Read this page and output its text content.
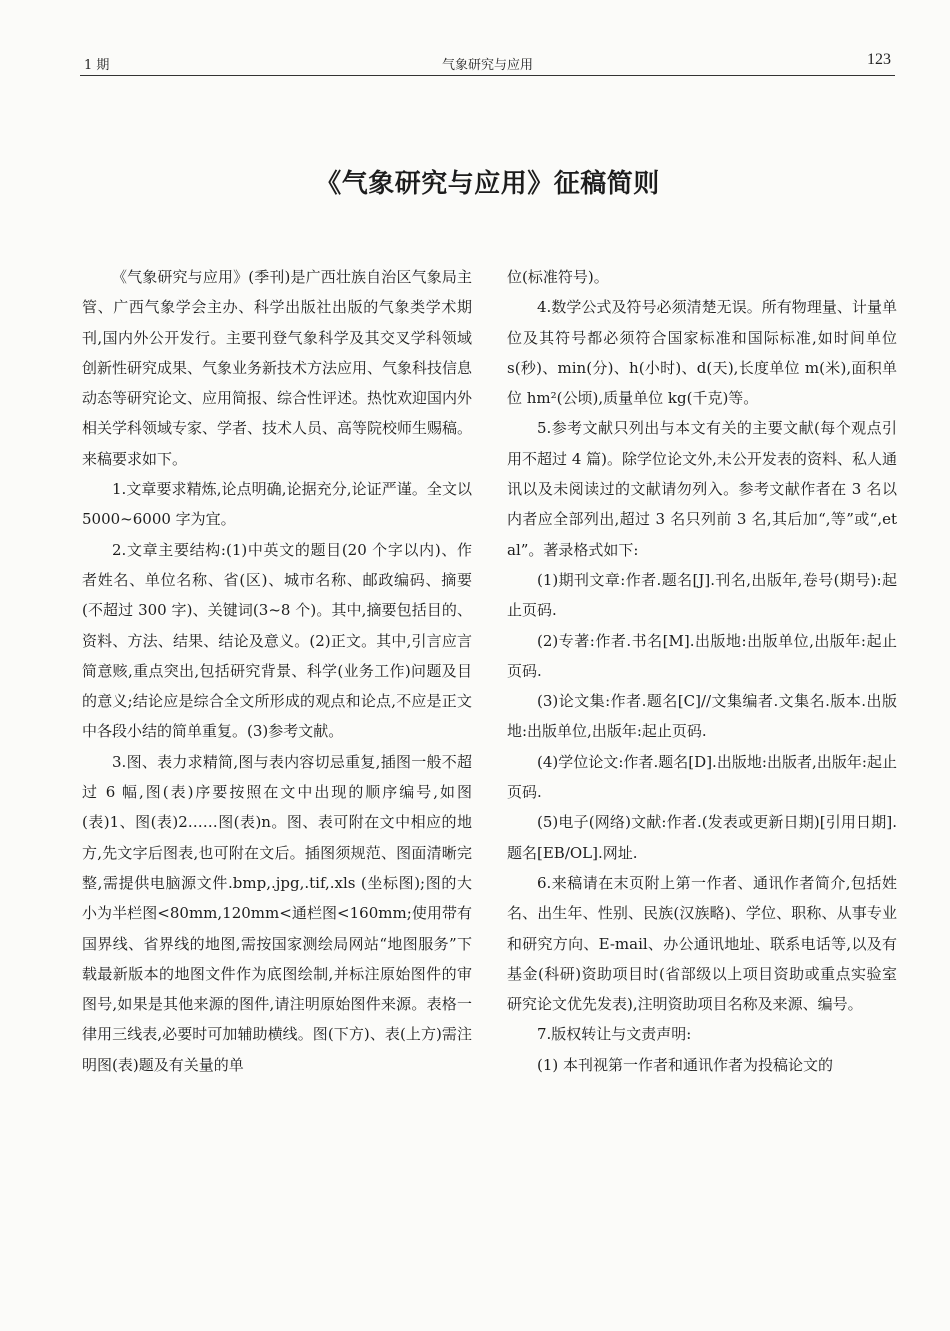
1 期	气象研究与应用	123
《气象研究与应用》征稿简则

《气象研究与应用》(季刊)是广西壮族自治区气象局主管、广西气象学会主办、科学出版社出版的气象类学术期刊,国内外公开发行。主要刊登气象科学及其交叉学科领域创新性研究成果、气象业务新技术方法应用、气象科技信息动态等研究论文、应用简报、综合性评述。热忱欢迎国内外相关学科领域专家、学者、技术人员、高等院校师生赐稿。来稿要求如下。

1.文章要求精炼,论点明确,论据充分,论证严谨。全文以 5000~6000 字为宜。

2.文章主要结构:(1)中英文的题目(20 个字以内)、作者姓名、单位名称、省(区)、城市名称、邮政编码、摘要(不超过 300 字)、关键词(3~8 个)。其中,摘要包括目的、资料、方法、结果、结论及意义。(2)正文。其中,引言应言简意赅,重点突出,包括研究背景、科学(业务工作)问题及目的意义;结论应是综合全文所形成的观点和论点,不应是正文中各段小结的简单重复。(3)参考文献。

3.图、表力求精简,图与表内容切忌重复,插图一般不超过 6 幅,图(表)序要按照在文中出现的顺序编号,如图(表)1、图(表)2……图(表)n。图、表可附在文中相应的地方,先文字后图表,也可附在文后。插图须规范、图面清晰完整,需提供电脑源文件.bmp,.jpg,.tif,.xls (坐标图);图的大小为半栏图<80mm,120mm<通栏图<160mm;使用带有国界线、省界线的地图,需按国家测绘局网站“地图服务”下载最新版本的地图文件作为底图绘制,并标注原始图件的审图号,如果是其他来源的图件,请注明原始图件来源。表格一律用三线表,必要时可加辅助横线。图(下方)、表(上方)需注明图(表)题及有关量的单

位(标准符号)。

4.数学公式及符号必须清楚无误。所有物理量、计量单位及其符号都必须符合国家标准和国际标准,如时间单位 s(秒)、min(分)、h(小时)、d(天),长度单位 m(米),面积单位 hm²(公顷),质量单位 kg(千克)等。

5.参考文献只列出与本文有关的主要文献(每个观点引用不超过 4 篇)。除学位论文外,未公开发表的资料、私人通讯以及未阅读过的文献请勿列入。参考文献作者在 3 名以内者应全部列出,超过 3 名只列前 3 名,其后加“,等”或“,et al”。著录格式如下:

(1)期刊文章:作者.题名[J].刊名,出版年,卷号(期号):起止页码.

(2)专著:作者.书名[M].出版地:出版单位,出版年:起止页码.

(3)论文集:作者.题名[C]//文集编者.文集名.版本.出版地:出版单位,出版年:起止页码.

(4)学位论文:作者.题名[D].出版地:出版者,出版年:起止页码.

(5)电子(网络)文献:作者.(发表或更新日期)[引用日期].题名[EB/OL].网址.

6.来稿请在末页附上第一作者、通讯作者简介,包括姓名、出生年、性别、民族(汉族略)、学位、职称、从事专业和研究方向、E-mail、办公通讯地址、联系电话等,以及有基金(科研)资助项目时(省部级以上项目资助或重点实验室研究论文优先发表),注明资助项目名称及来源、编号。

7.版权转让与文责声明:

(1) 本刊视第一作者和通讯作者为投稿论文的
